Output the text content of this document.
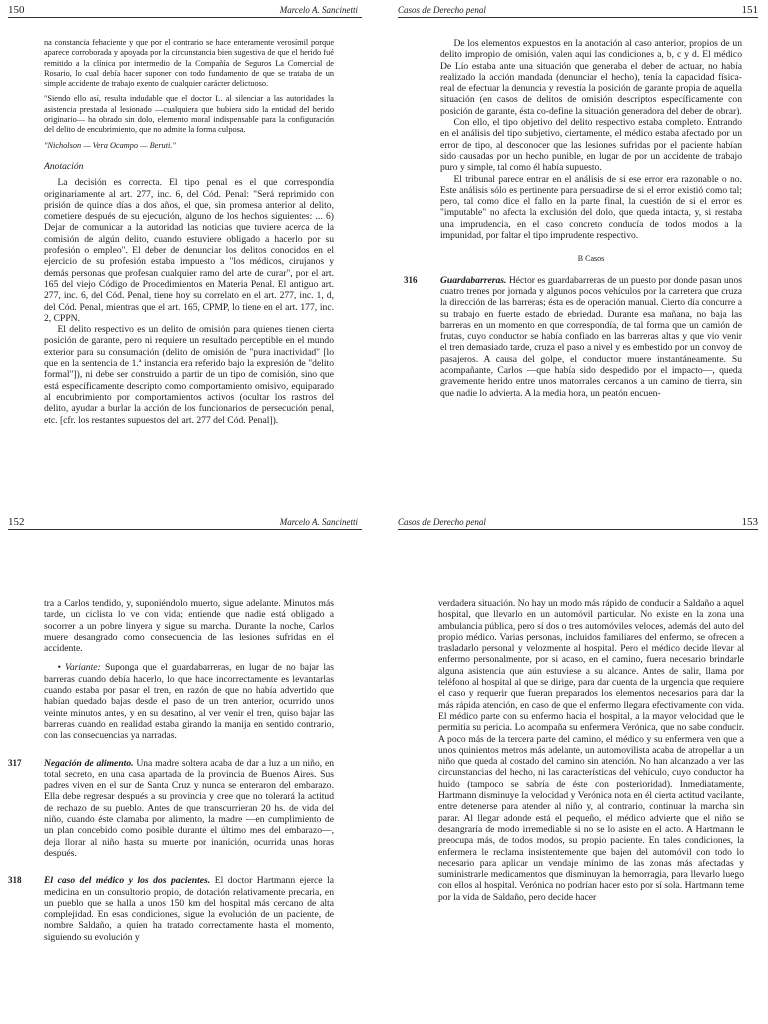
150	Marcelo A. Sancinetti

na constancia fehaciente y que por el contrario se hace enteramente verosímil porque aparece corroborada y apoyada por la circunstancia bien sugestiva de que el herido fué remitido a la clínica por intermedio de la Compañía de Seguros La Comercial de Rosario, lo cual debía hacer suponer con todo fundamento de que se trataba de un simple accidente de trabajo exento de cualquier carácter delictuoso.

"Siendo ello así, resulta indudable que el doctor L. al silenciar a las autoridades la asistencia prestada al lesionado —cualquiera que hubiera sido la entidad del herido originario— ha obrado sin dolo, elemento moral indispensable para la configuración del delito de encubrimiento, que no admite la forma culposa.

"Nicholson — Vera Ocampo — Beruti."

Anotación

La decisión es correcta. El tipo penal es el que correspondía originariamente al art. 277, inc. 6, del Cód. Penal: "Será reprimido con prisión de quince días a dos años, el que, sin promesa anterior al delito, cometiere después de su ejecución, alguno de los hechos siguientes: ... 6) Dejar de comunicar a la autoridad las noticias que tuviere acerca de la comisión de algún delito, cuando estuviere obligado a hacerlo por su profesión o empleo". El deber de denunciar los delitos conocidos en el ejercicio de su profesión estaba impuesto a "los médicos, cirujanos y demás personas que profesan cualquier ramo del arte de curar", por el art. 165 del viejo Código de Procedimientos en Materia Penal. El antiguo art. 277, inc. 6, del Cód. Penal, tiene hoy su correlato en el art. 277, inc. 1, d, del Cód. Penal, mientras que el art. 165, CPMP, lo tiene en el art. 177, inc. 2, CPPN.

El delito respectivo es un delito de omisión para quienes tienen cierta posición de garante, pero ni requiere un resultado perceptible en el mundo exterior para su consumación (delito de omisión de "pura inactividad" [lo que en la sentencia de 1.ª instancia era referido bajo la expresión de "delito formal"]), ni debe ser construido a partir de un tipo de comisión, sino que está específicamente descripto como comportamiento omisivo, equiparado al encubrimiento por comportamientos activos (ocultar los rastros del delito, ayudar a burlar la acción de los funcionarios de persecución penal, etc. [cfr. los restantes supuestos del art. 277 del Cód. Penal]).

Casos de Derecho penal	151

De los elementos expuestos en la anotación al caso anterior, propios de un delito impropio de omisión, valen aquí las condiciones a, b, c y d. El médico De Lío estaba ante una situación que generaba el deber de actuar, no había realizado la acción mandada (denunciar el hecho), tenía la capacidad física-real de efectuar la denuncia y revestía la posición de garante propia de aquella situación (en casos de delitos de omisión descriptos específicamente con posición de garante, ésta co-define la situación generadora del deber de obrar).

Con ello, el tipo objetivo del delito respectivo estaba completo. Entrando en el análisis del tipo subjetivo, ciertamente, el médico estaba afectado por un error de tipo, al desconocer que las lesiones sufridas por el paciente habían sido causadas por un hecho punible, en lugar de por un accidente de trabajo puro y simple, tal como él había supuesto.

El tribunal parece entrar en el análisis de si ese error era razonable o no. Este análisis sólo es pertinente para persuadirse de si el error existió como tal; pero, tal como dice el fallo en la parte final, la cuestión de si el error es "imputable" no afecta la exclusión del dolo, que queda intacta, y, si restaba una imprudencia, en el caso concreto conducía de todos modos a la impunidad, por faltar el tipo imprudente respectivo.

B Casos

316 Guardabarreras. Héctor es guardabarreras de un puesto por donde pasan unos cuatro trenes por jornada y algunos pocos vehículos por la carretera que cruza la dirección de las barreras; ésta es de operación manual. Cierto día concurre a su trabajo en fuerte estado de ebriedad. Durante esa mañana, no baja las barreras en un momento en que correspondía, de tal forma que un camión de frutas, cuyo conductor se había confiado en las barreras altas y que vio venir el tren demasiado tarde, cruza el paso a nivel y es embestido por un convoy de pasajeros. A causa del golpe, el conductor muere instantáneamente. Su acompañante, Carlos —que había sido despedido por el impacto—, queda gravemente herido entre unos matorrales cercanos a un camino de tierra, sin que nadie lo advierta. A la media hora, un peatón encuen-

152	Marcelo A. Sancinetti

tra a Carlos tendido, y, suponiéndolo muerto, sigue adelante. Minutos más tarde, un ciclista lo ve con vida; entiende que nadie está obligado a socorrer a un pobre linyera y sigue su marcha. Durante la noche, Carlos muere desangrado como consecuencia de las lesiones sufridas en el accidente.

• Variante: Suponga que el guardabarreras, en lugar de no bajar las barreras cuando debía hacerlo, lo que hace incorrectamente es levantarlas cuando estaba por pasar el tren, en razón de que no había advertido que habían quedado bajas desde el paso de un tren anterior, ocurrido unos veinte minutos antes, y en su desatino, al ver venir el tren, quiso bajar las barreras cuando en realidad estaba girando la manija en sentido contrario, con las consecuencias ya narradas.

317 Negación de alimento. Una madre soltera acaba de dar a luz a un niño, en total secreto, en una casa apartada de la provincia de Buenos Aires. Sus padres viven en el sur de Santa Cruz y nunca se enteraron del embarazo. Ella debe regresar después a su provincia y cree que no tolerará la actitud de rechazo de su pueblo. Antes de que transcurrieran 20 hs. de vida del niño, cuando éste clamaba por alimento, la madre —en cumplimiento de un plan concebido como posible durante el último mes del embarazo—, deja llorar al niño hasta su muerte por inanición, ocurrida unas horas después.

318 El caso del médico y los dos pacientes. El doctor Hartmann ejerce la medicina en un consultorio propio, de dotación relativamente precaria, en un pueblo que se halla a unos 150 km del hospital más cercano de alta complejidad. En esas condiciones, sigue la evolución de un paciente, de nombre Saldaño, a quien ha tratado correctamente hasta el momento, siguiendo su evolución y

Casos de Derecho penal	153

verdadera situación. No hay un modo más rápido de conducir a Saldaño a aquel hospital, que llevarlo en un automóvil particular. No existe en la zona una ambulancia pública, pero sí dos o tres automóviles veloces, además del auto del propio médico. Varias personas, incluidos familiares del enfermo, se ofrecen a trasladarlo personal y velozmente al hospital. Pero el médico decide llevar al enfermo personalmente, por si acaso, en el camino, fuera necesario brindarle alguna asistencia que aún estuviese a su alcance. Antes de salir, llama por teléfono al hospital al que se dirige, para dar cuenta de la urgencia que requiere el caso y requerir que fueran preparados los elementos necesarios para dar la más rápida atención, en caso de que el enfermo llegara efectivamente con vida. El médico parte con su enfermo hacia el hospital, a la mayor velocidad que le permitía su pericia. Lo acompaña su enfermera Verónica, que no sabe conducir. A poco más de la tercera parte del camino, el médico y su enfermera ven que a unos quinientos metros más adelante, un automovilista acaba de atropellar a un niño que queda al costado del camino sin atención. No han alcanzado a ver las circunstancias del hecho, ni las características del vehículo, cuyo conductor ha huido (tampoco se sabría de éste con posterioridad). Inmediatamente, Hartmann disminuye la velocidad y Verónica nota en él cierta actitud vacilante, entre detenerse para atender al niño y, al contrario, continuar la marcha sin parar. Al llegar adonde está el pequeño, el médico advierte que el niño se desangraría de modo irremediable si no se lo asiste en el acto. A Hartmann le preocupa más, de todos modos, su propio paciente. En tales condiciones, la enfermera le reclama insistentemente que bajen del automóvil con todo lo necesario para aplicar un vendaje mínimo de las zonas más afectadas y suministrarle medicamentos que disminuyan la hemorragia, para llevarlo luego con ellos al hospital. Verónica no podrían hacer esto por sí sola. Hartmann teme por la vida de Saldaño, pero decide hacer
